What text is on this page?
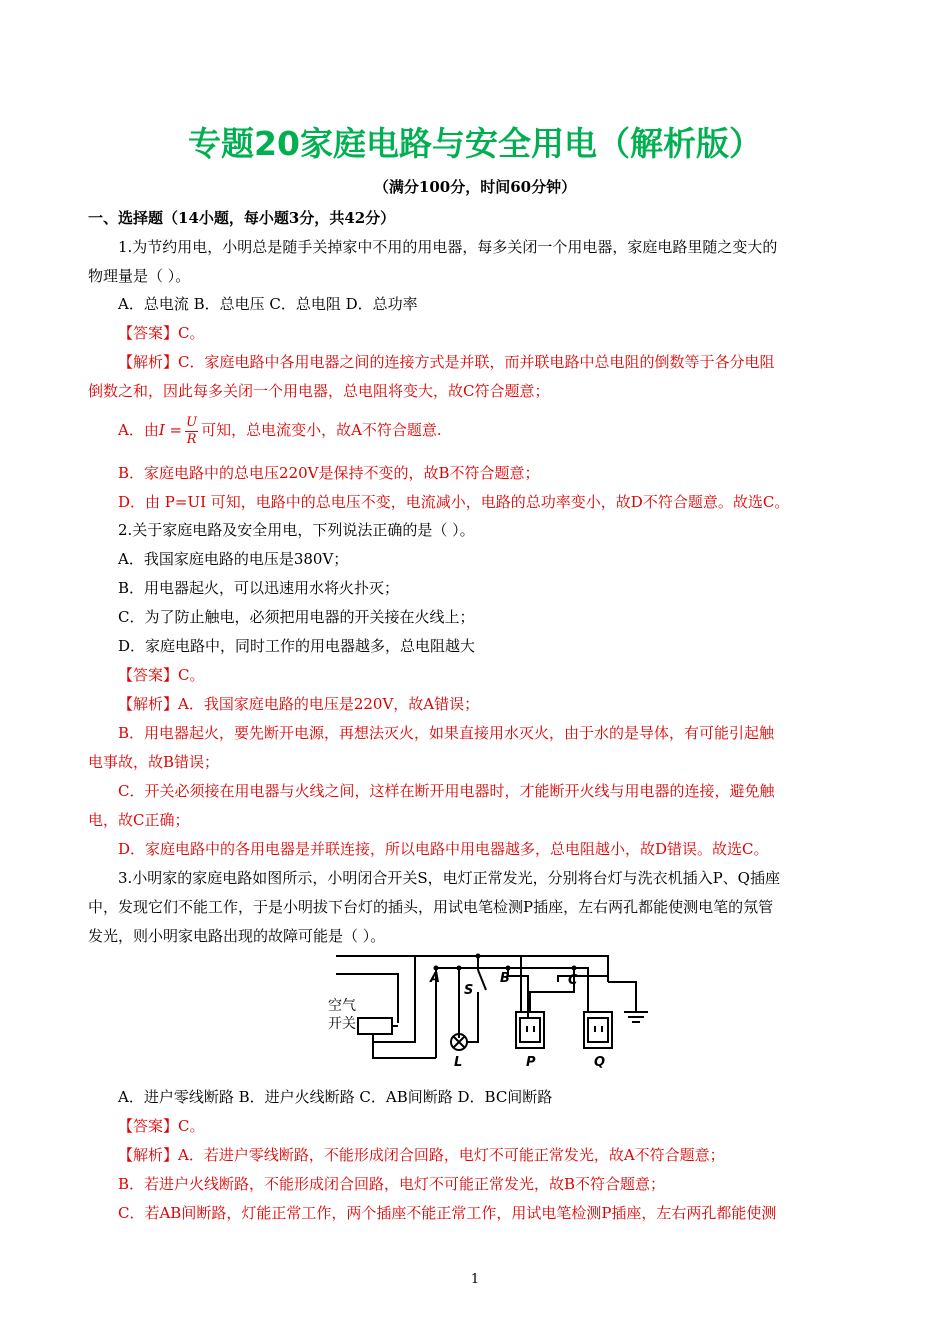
专题20家庭电路与安全用电（解析版）
（满分100分，时间60分钟）
一、选择题（14小题，每小题3分，共42分）
1.为节约用电，小明总是随手关掉家中不用的用电器，每多关闭一个用电器，家庭电路里随之变大的
物理量是（ ）。
A．总电流 B．总电压 C．总电阻 D．总功率
【答案】C。
【解析】C．家庭电路中各用电器之间的连接方式是并联，而并联电路中总电阻的倒数等于各分电阻
倒数之和，因此每多关闭一个用电器，总电阻将变大，故C符合题意；
A．由$I = \frac{U}{R}$ 可知，总电流变小，故A不符合题意.
B．家庭电路中的总电压220V是保持不变的，故B不符合题意；
D．由 P=UI 可知，电路中的总电压不变，电流减小，电路的总功率变小，故D不符合题意。故选C。
2.关于家庭电路及安全用电，下列说法正确的是（ ）。
A．我国家庭电路的电压是380V；
B．用电器起火，可以迅速用水将火扑灭；
C．为了防止触电，必须把用电器的开关接在火线上；
D．家庭电路中，同时工作的用电器越多，总电阻越大
【答案】C。
【解析】A．我国家庭电路的电压是220V，故A错误；
B．用电器起火，要先断开电源，再想法灭火，如果直接用水灭火，由于水的是导体，有可能引起触
电事故，故B错误；
C．开关必须接在用电器与火线之间，这样在断开用电器时，才能断开火线与用电器的连接，避免触
电，故C正确；
D．家庭电路中的各用电器是并联连接，所以电路中用电器越多，总电阻越小，故D错误。故选C。
3.小明家的家庭电路如图所示，小明闭合开关S，电灯正常发光，分别将台灯与洗衣机插入P、Q插座
中，发现它们不能工作，于是小明拔下台灯的插头，用试电笔检测P插座，左右两孔都能使测电笔的氖管
发光，则小明家电路出现的故障可能是（ ）。
空气
开关
A	B	C
S
L	P	Q
A．进户零线断路 B．进户火线断路 C．AB间断路 D．BC间断路
【答案】C。
【解析】A．若进户零线断路，不能形成闭合回路，电灯不可能正常发光，故A不符合题意；
B．若进户火线断路，不能形成闭合回路，电灯不可能正常发光，故B不符合题意；
C．若AB间断路，灯能正常工作，两个插座不能正常工作，用试电笔检测P插座，左右两孔都能使测
1
